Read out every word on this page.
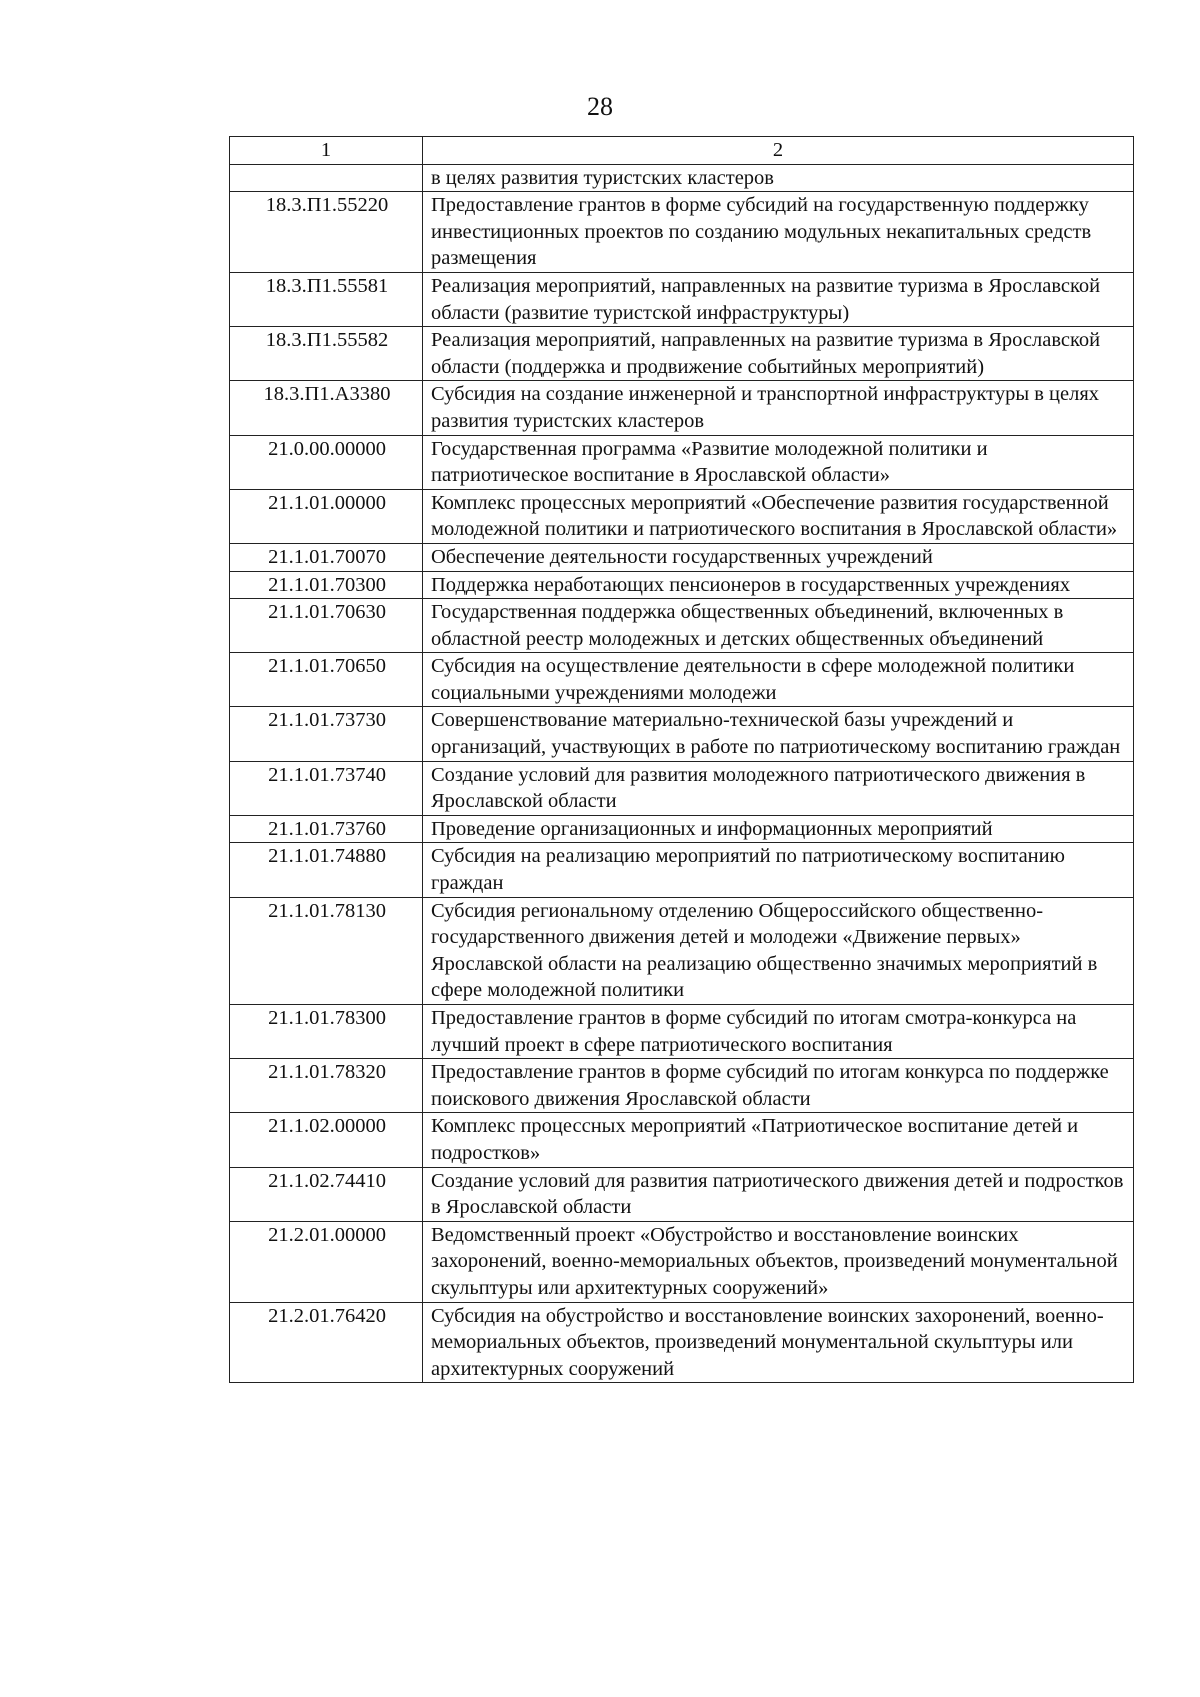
28
1	2
	в целях развития туристских кластеров
18.3.П1.55220	Предоставление грантов в форме субсидий на государственную поддержку инвестиционных проектов по созданию модульных некапитальных средств размещения
18.3.П1.55581	Реализация мероприятий, направленных на развитие туризма в Ярославской области (развитие туристской инфраструктуры)
18.3.П1.55582	Реализация мероприятий, направленных на развитие туризма в Ярославской области (поддержка и продвижение событийных мероприятий)
18.3.П1.А3380	Субсидия на создание инженерной и транспортной инфраструктуры в целях развития туристских кластеров
21.0.00.00000	Государственная программа «Развитие молодежной политики и патриотическое воспитание в Ярославской области»
21.1.01.00000	Комплекс процессных мероприятий «Обеспечение развития государственной молодежной политики и патриотического воспитания в Ярославской области»
21.1.01.70070	Обеспечение деятельности государственных учреждений
21.1.01.70300	Поддержка неработающих пенсионеров в государственных учреждениях
21.1.01.70630	Государственная поддержка общественных объединений, включенных в областной реестр молодежных и детских общественных объединений
21.1.01.70650	Субсидия на осуществление деятельности в сфере молодежной политики социальными учреждениями молодежи
21.1.01.73730	Совершенствование материально-технической базы учреждений и организаций, участвующих в работе по патриотическому воспитанию граждан
21.1.01.73740	Создание условий для развития молодежного патриотического движения в Ярославской области
21.1.01.73760	Проведение организационных и информационных мероприятий
21.1.01.74880	Субсидия на реализацию мероприятий по патриотическому воспитанию граждан
21.1.01.78130	Субсидия региональному отделению Общероссийского общественно-государственного движения детей и молодежи «Движение первых» Ярославской области на реализацию общественно значимых мероприятий в сфере молодежной политики
21.1.01.78300	Предоставление грантов в форме субсидий по итогам смотра-конкурса на лучший проект в сфере патриотического воспитания
21.1.01.78320	Предоставление грантов в форме субсидий по итогам конкурса по поддержке поискового движения Ярославской области
21.1.02.00000	Комплекс процессных мероприятий «Патриотическое воспитание детей и подростков»
21.1.02.74410	Создание условий для развития патриотического движения детей и подростков в Ярославской области
21.2.01.00000	Ведомственный проект «Обустройство и восстановление воинских захоронений, военно-мемориальных объектов, произведений монументальной скульптуры или архитектурных сооружений»
21.2.01.76420	Субсидия на обустройство и восстановление воинских захоронений, военно-мемориальных объектов, произведений монументальной скульптуры или архитектурных сооружений
